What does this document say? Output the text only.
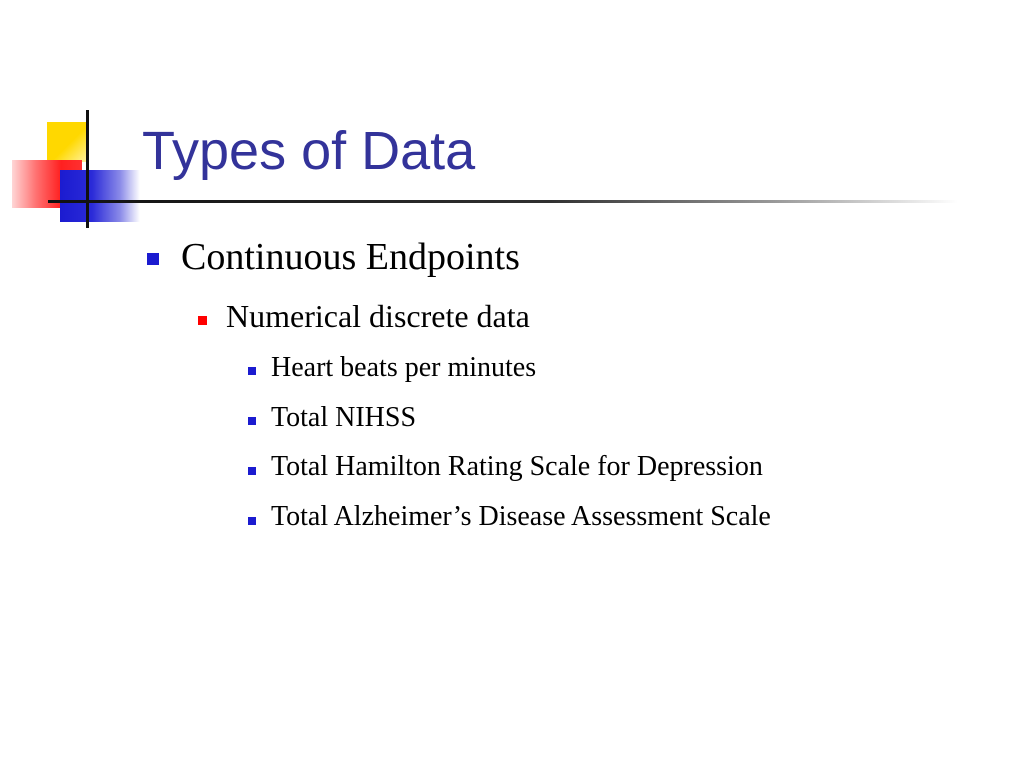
Types of Data
Continuous Endpoints
Numerical discrete data
Heart beats per minutes
Total NIHSS
Total Hamilton Rating Scale for Depression
Total Alzheimer’s Disease Assessment Scale
